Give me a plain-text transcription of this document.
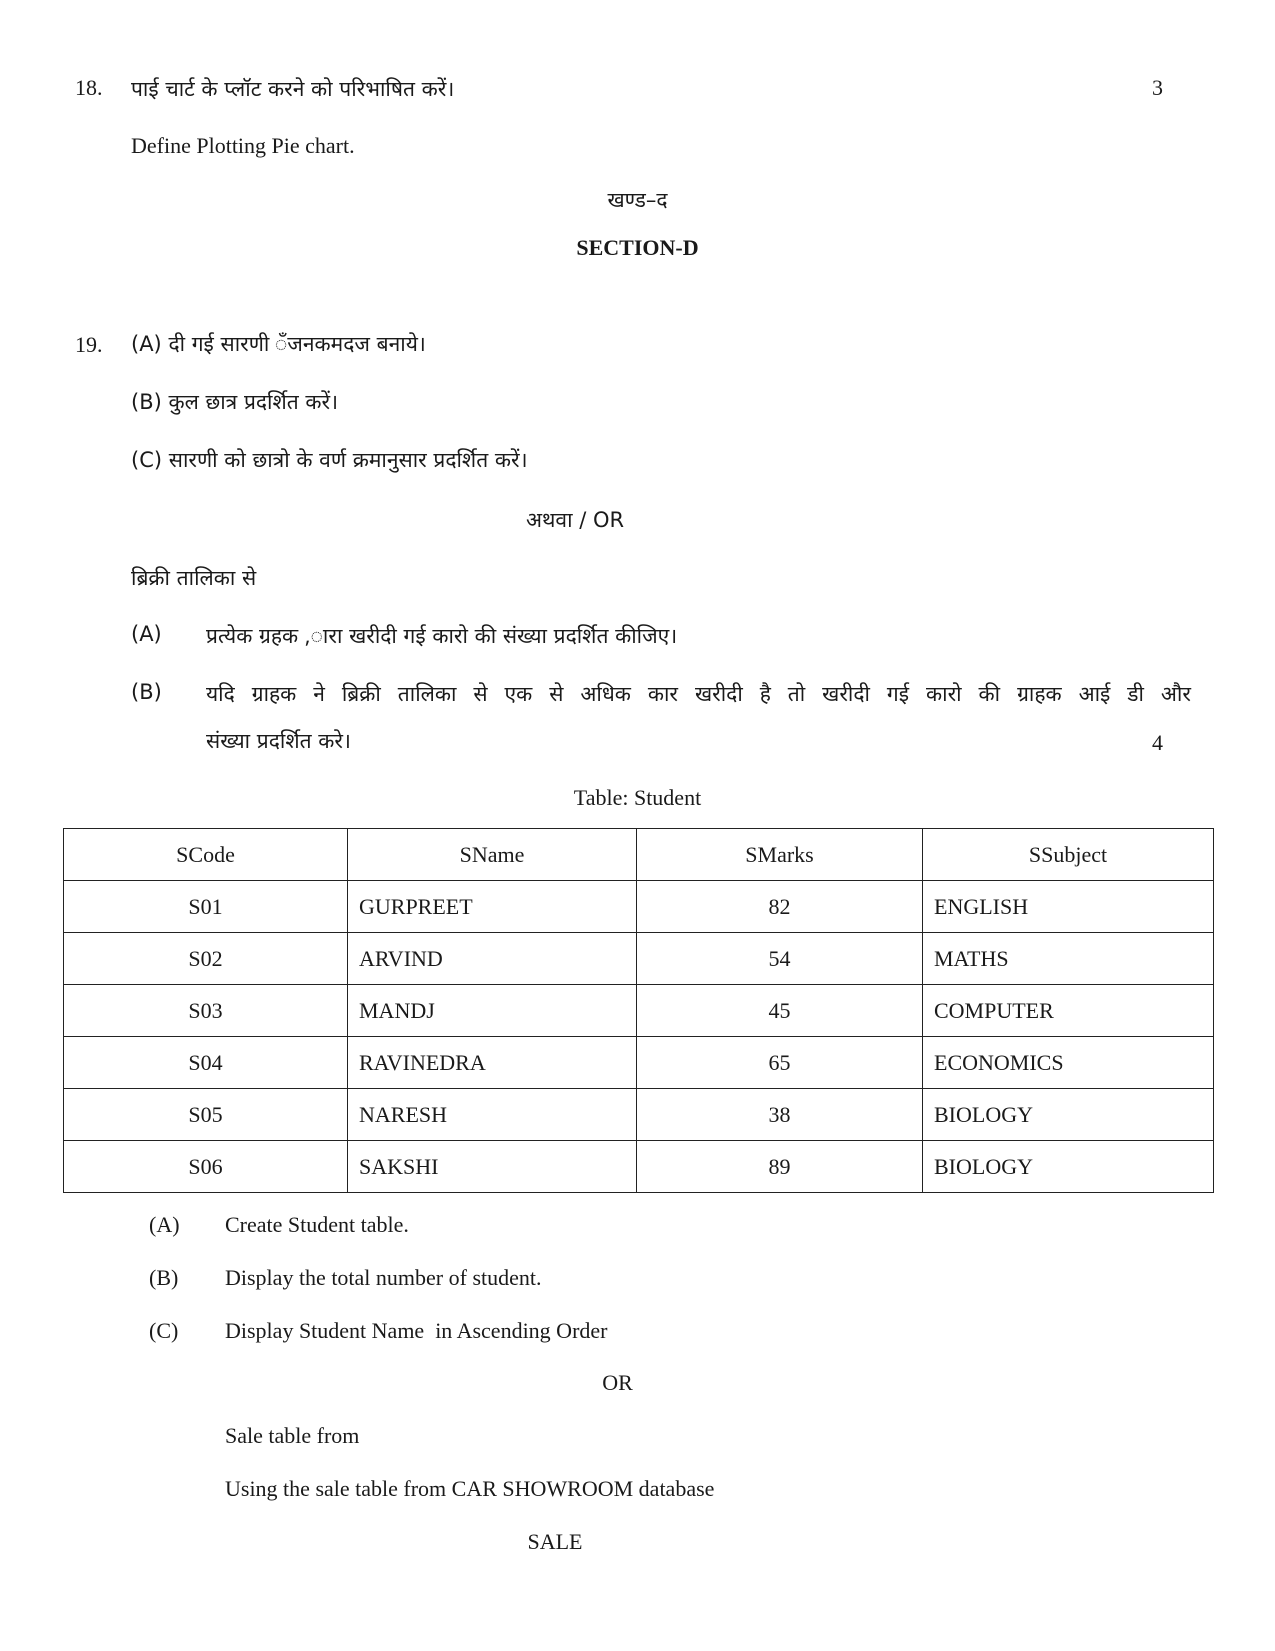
18. पाई चार्ट के प्लॉट करने को परिभाषित करें।	3
Define Plotting Pie chart.
खण्ड–द
SECTION-D
19. (A) दी गई सारणी ँजनकमदज बनाये।
(B) कुल छात्र प्रदर्शित करें।
(C) सारणी को छात्रो के वर्ण क्रमानुसार प्रदर्शित करें।
अथवा / OR
ब्रिक्री तालिका से
(A) प्रत्येक ग्रहक ,ारा खरीदी गई कारो की संख्या प्रदर्शित कीजिए।
(B) यदि ग्राहक ने ब्रिक्री तालिका से एक से अधिक कार खरीदी है तो खरीदी गई कारो की ग्राहक आई डी और
संख्या प्रदर्शित करे।	4
Table: Student
SCode	SName	SMarks	SSubject
S01	GURPREET	82	ENGLISH
S02	ARVIND	54	MATHS
S03	MANDJ	45	COMPUTER
S04	RAVINEDRA	65	ECONOMICS
S05	NARESH	38	BIOLOGY
S06	SAKSHI	89	BIOLOGY
(A) Create Student table.
(B) Display the total number of student.
(C) Display Student Name  in Ascending Order
OR
Sale table from
Using the sale table from CAR SHOWROOM database
SALE
